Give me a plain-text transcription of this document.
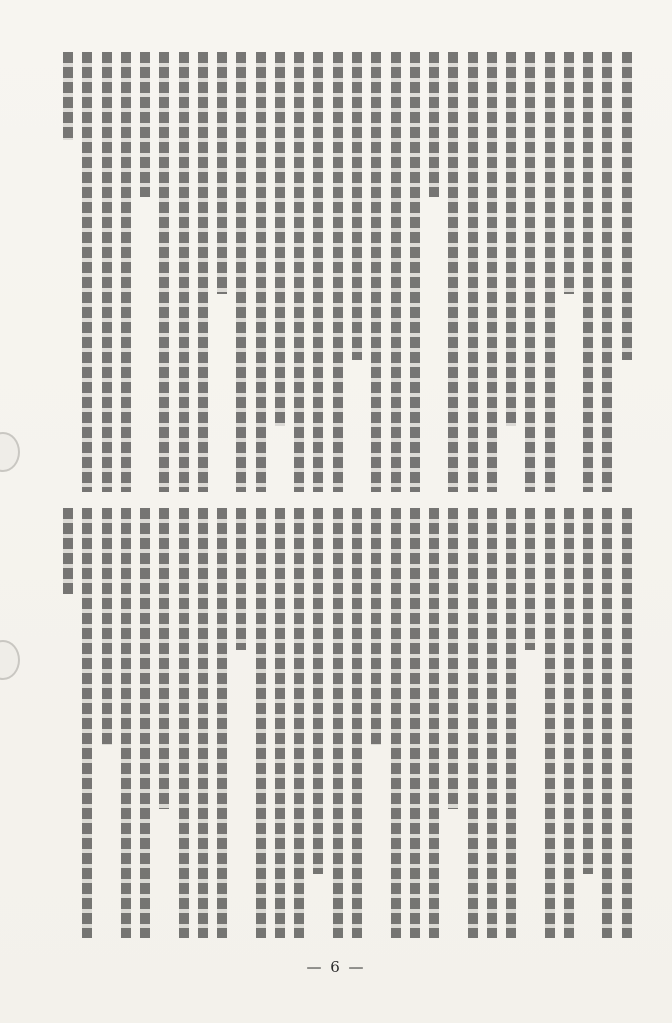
— 6 —
